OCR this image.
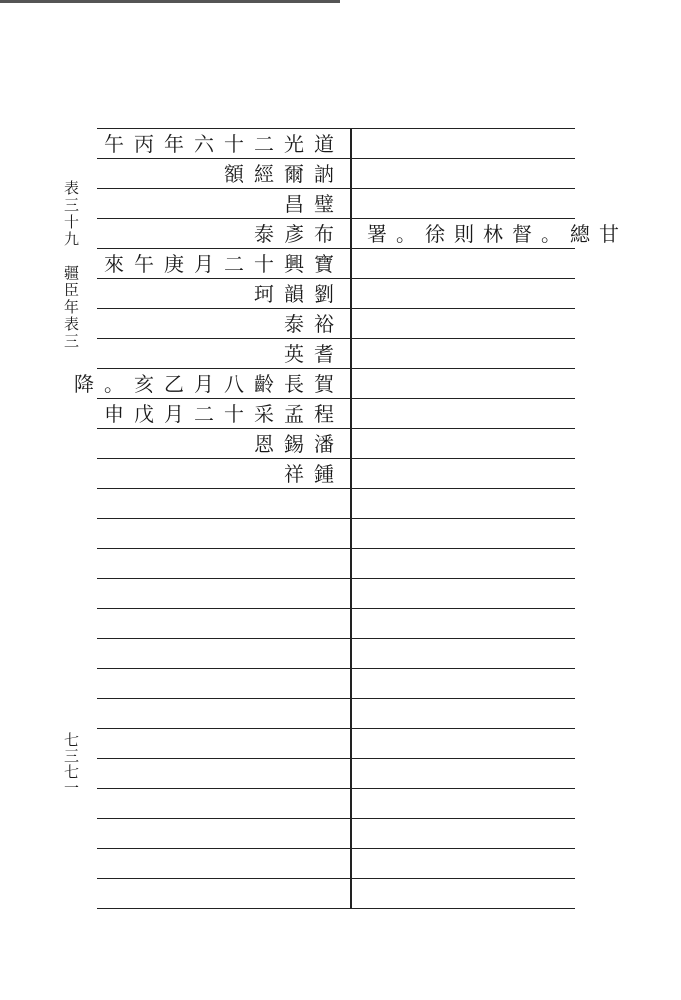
表三十九　疆臣年表三
七三七一
午丙年六十二光道
額經爾訥
昌璧
泰彥布 署。徐則林督。總甘
來午庚月二十興寶
珂韻劉
泰裕
英耆
降。亥乙月八齡長賀
申戊月二十采孟程
恩錫潘
祥鍾
